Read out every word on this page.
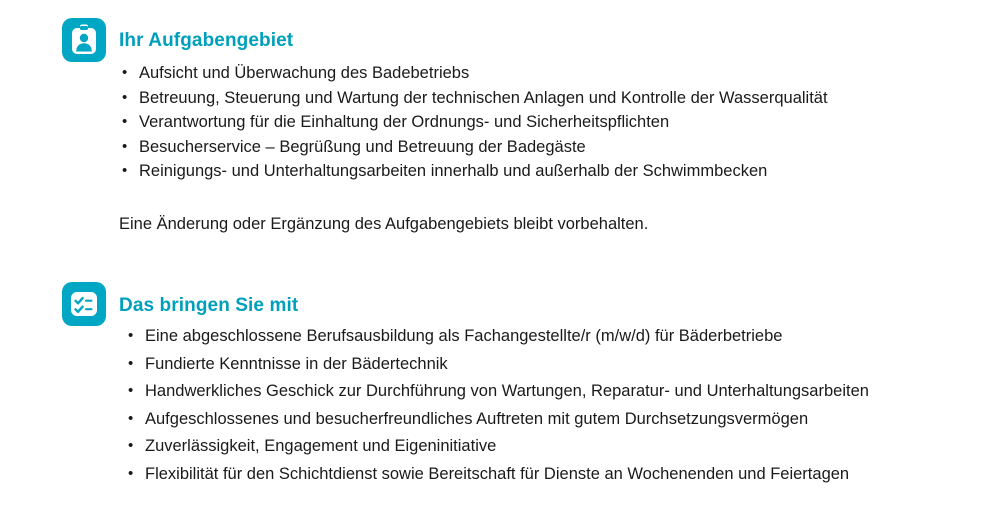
Ihr Aufgabengebiet
• Aufsicht und Überwachung des Badebetriebs
• Betreuung, Steuerung und Wartung der technischen Anlagen und Kontrolle der Wasserqualität
• Verantwortung für die Einhaltung der Ordnungs- und Sicherheitspflichten
• Besucherservice – Begrüßung und Betreuung der Badegäste
• Reinigungs- und Unterhaltungsarbeiten innerhalb und außerhalb der Schwimmbecken
Eine Änderung oder Ergänzung des Aufgabengebiets bleibt vorbehalten.
Das bringen Sie mit
• Eine abgeschlossene Berufsausbildung als Fachangestellte/r (m/w/d) für Bäderbetriebe
• Fundierte Kenntnisse in der Bädertechnik
• Handwerkliches Geschick zur Durchführung von Wartungen, Reparatur- und Unterhaltungsarbeiten
• Aufgeschlossenes und besucherfreundliches Auftreten mit gutem Durchsetzungsvermögen
• Zuverlässigkeit, Engagement und Eigeninitiative
• Flexibilität für den Schichtdienst sowie Bereitschaft für Dienste an Wochenenden und Feiertagen
